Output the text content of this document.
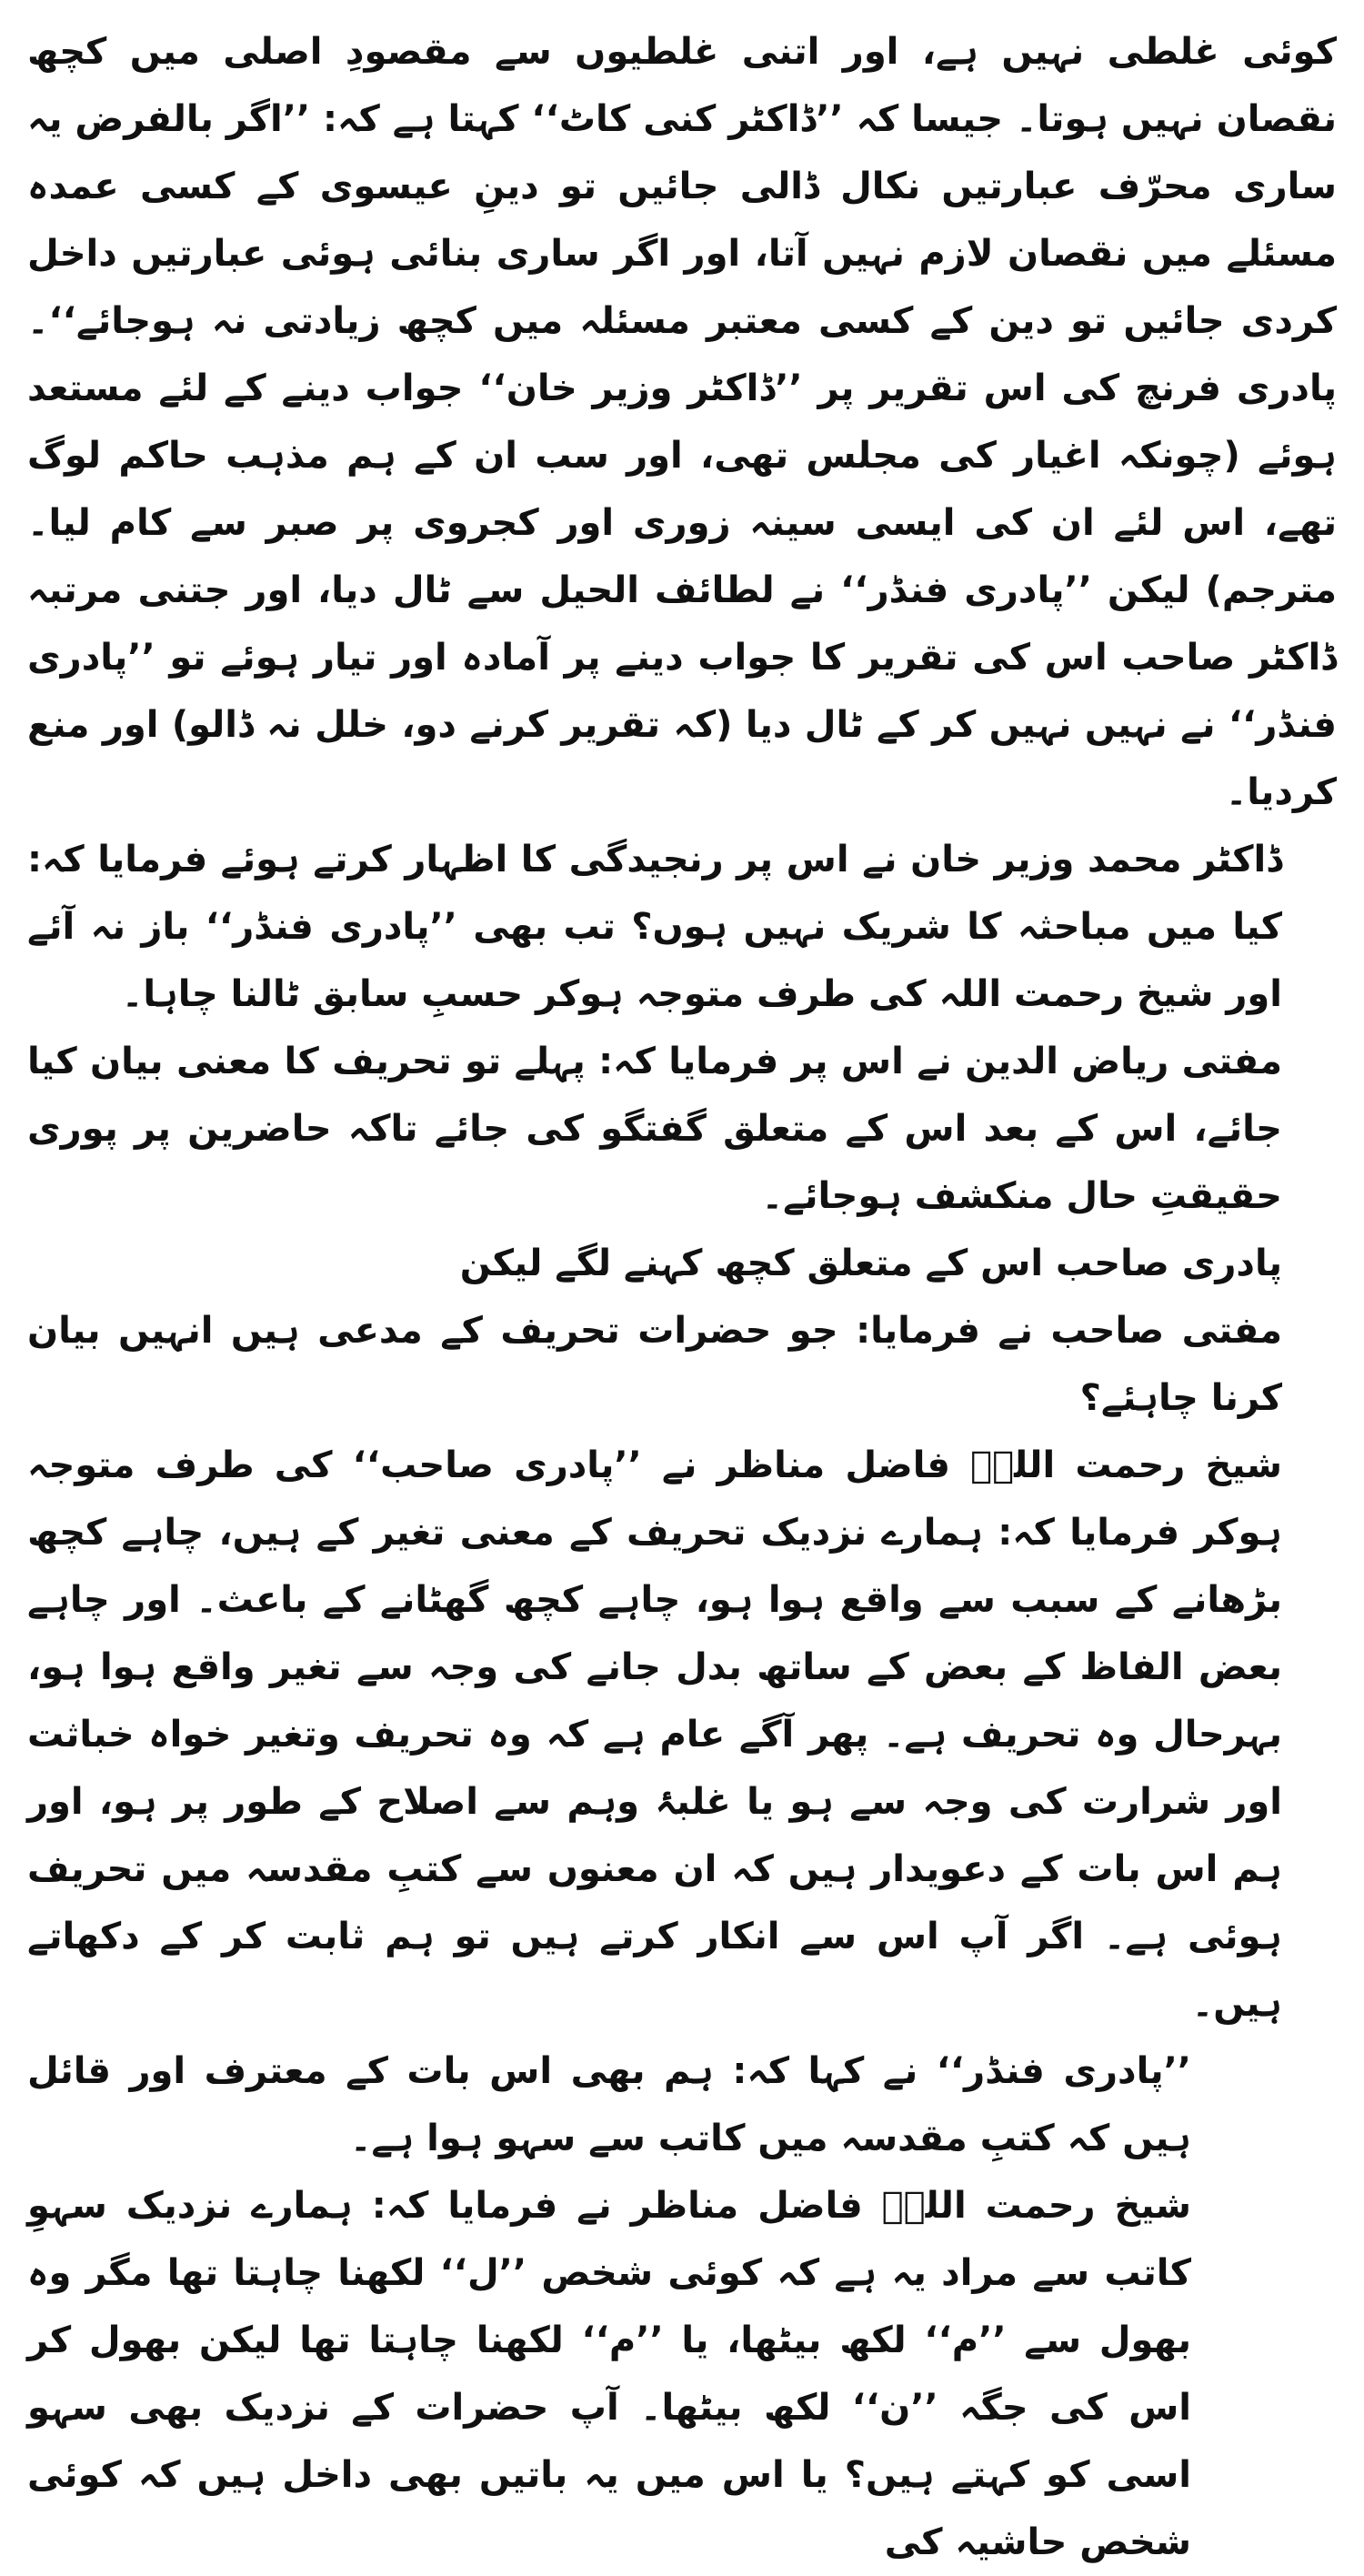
کوئی غلطی نہیں ہے، اور اتنی غلطیوں سے مقصودِ اصلی میں کچھ نقصان نہیں ہوتا۔ جیسا کہ ’’ڈاکٹر کنی کاٹ‘‘ کہتا ہے کہ: ’’اگر بالفرض یہ ساری محرّف عبارتیں نکال ڈالی جائیں تو دینِ عیسوی کے کسی عمدہ مسئلے میں نقصان لازم نہیں آتا، اور اگر ساری بنائی ہوئی عبارتیں داخل کردی جائیں تو دین کے کسی معتبر مسئلہ میں کچھ زیادتی نہ ہوجائے‘‘۔ پادری فرنچ کی اس تقریر پر ’’ڈاکٹر وزیر خان‘‘ جواب دینے کے لئے مستعد ہوئے (چونکہ اغیار کی مجلس تھی، اور سب ان کے ہم مذہب حاکم لوگ تھے، اس لئے ان کی ایسی سینہ زوری اور کجروی پر صبر سے کام لیا۔ مترجم) لیکن ’’پادری فنڈر‘‘ نے لطائف الحیل سے ٹال دیا، اور جتنی مرتبہ ڈاکٹر صاحب اس کی تقریر کا جواب دینے پر آمادہ اور تیار ہوئے تو ’’پادری فنڈر‘‘ نے نہیں نہیں کر کے ٹال دیا (کہ تقریر کرنے دو، خلل نہ ڈالو) اور منع کردیا۔

ڈاکٹر محمد وزیر خان نے اس پر رنجیدگی کا اظہار کرتے ہوئے فرمایا کہ: کیا میں مباحثہ کا شریک نہیں ہوں؟ تب بھی ’’پادری فنڈر‘‘ باز نہ آئے اور شیخ رحمت اللہ کی طرف متوجہ ہوکر حسبِ سابق ٹالنا چاہا۔

مفتی ریاض الدین نے اس پر فرمایا کہ: پہلے تو تحریف کا معنی بیان کیا جائے، اس کے بعد اس کے متعلق گفتگو کی جائے تاکہ حاضرین پر پوری حقیقتِ حال منکشف ہوجائے۔

پادری صاحب اس کے متعلق کچھ کہنے لگے لیکن

مفتی صاحب نے فرمایا: جو حضرات تحریف کے مدعی ہیں انہیں بیان کرنا چاہئے؟

شیخ رحمت اللہؒ فاضل مناظر نے ’’پادری صاحب‘‘ کی طرف متوجہ ہوکر فرمایا کہ: ہمارے نزدیک تحریف کے معنی تغیر کے ہیں، چاہے کچھ بڑھانے کے سبب سے واقع ہوا ہو، چاہے کچھ گھٹانے کے باعث۔ اور چاہے بعض الفاظ کے بعض کے ساتھ بدل جانے کی وجہ سے تغیر واقع ہوا ہو، بہرحال وہ تحریف ہے۔ پھر آگے عام ہے کہ وہ تحریف وتغیر خواہ خباثت اور شرارت کی وجہ سے ہو یا غلبۂ وہم سے اصلاح کے طور پر ہو، اور ہم اس بات کے دعویدار ہیں کہ ان معنوں سے کتبِ مقدسہ میں تحریف ہوئی ہے۔ اگر آپ اس سے انکار کرتے ہیں تو ہم ثابت کر کے دکھاتے ہیں۔

’’پادری فنڈر‘‘ نے کہا کہ: ہم بھی اس بات کے معترف اور قائل ہیں کہ کتبِ مقدسہ میں کاتب سے سہو ہوا ہے۔

شیخ رحمت اللہؒ فاضل مناظر نے فرمایا کہ: ہمارے نزدیک سہوِ کاتب سے مراد یہ ہے کہ کوئی شخص ’’ل‘‘ لکھنا چاہتا تھا مگر وہ بھول سے ’’م‘‘ لکھ بیٹھا، یا ’’م‘‘ لکھنا چاہتا تھا لیکن بھول کر اس کی جگہ ’’ن‘‘ لکھ بیٹھا۔ آپ حضرات کے نزدیک بھی سہو اسی کو کہتے ہیں؟ یا اس میں یہ باتیں بھی داخل ہیں کہ کوئی شخص حاشیہ کی
